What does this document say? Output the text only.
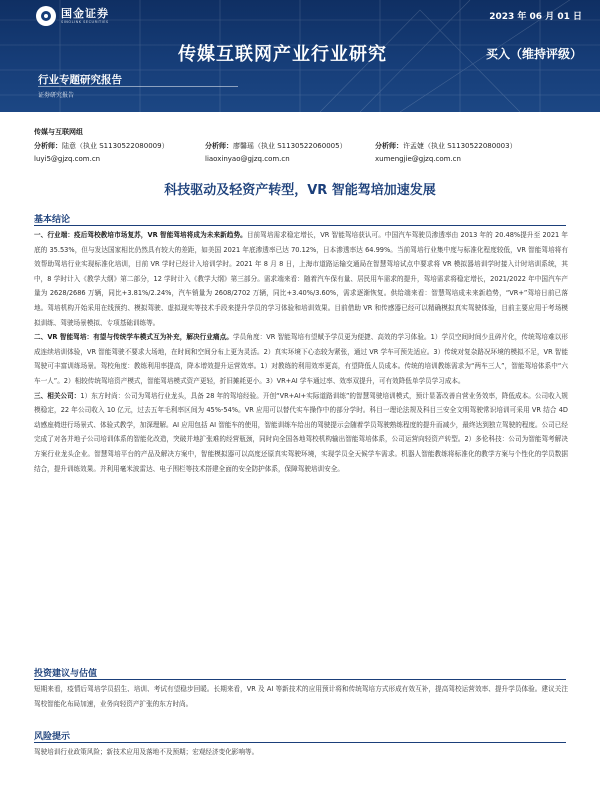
国金证券
SINOLINK SECURITIES	2023 年 06 月 01 日
传媒互联网产业行业研究	买入（维持评级）
行业专题研究报告
证券研究报告
传媒与互联网组
分析师：陆意（执业 S1130522080009）
luyi5@gjzq.com.cn
分析师：廖馨瑶（执业 S1130522060005）
liaoxinyao@gjzq.com.cn
分析师：许孟婕（执业 S1130522080003）
xumengjie@gjzq.com.cn
科技驱动及轻资产转型，VR 智能驾培加速发展
基本结论

一、行业端：疫后驾校教培市场复苏，VR 智能驾培将成为未来新趋势。目前驾培需求稳定增长，VR 智能驾培获认可。中国汽车驾驶员渗透率由 2013 年的 20.48%提升至 2021 年底的 35.53%，但与发达国家相比仍然具有较大的差距，如美国 2021 年底渗透率已达 70.12%，日本渗透率达 64.99%。当前驾培行业集中度与标准化程度较低，VR 智能驾培将有效帮助驾培行业实现标准化培训，目前 VR 学时已经计入培训学时。2021 年 8 月 8 日，上海市道路运输交通局在智慧驾培试点中要求将 VR 模拟器培训学时接入计时培训系统，其中，8 学时计入《教学大纲》第二部分，12 学时计入《教学大纲》第三部分。需求端来看：随着汽车保有量、居民用车需求的提升，驾培需求将稳定增长，2021/2022 年中国汽车产量为 2628/2686 万辆，同比+3.81%/2.24%，汽车销量为 2608/2702 万辆，同比+3.40%/3.60%，需求逐渐恢复。供给端来看：智慧驾培成未来新趋势，“VR+”驾培日前已落地。驾培机构开始采用在线预约、模拟驾驶、虚拟现实等技术手段来提升学员的学习体验和培训效果。目前借助 VR 和传感器已经可以精确模拟真实驾驶体验，目前主要应用于考场模拟训练、驾驶场景模拟、专项基础训练等。

二、VR 智能驾培：有望与传统学车模式互为补充，解决行业痛点。学员角度：VR 智能驾培有望赋予学员更为便捷、高效的学习体验。1）学员空间时间少且碎片化，传统驾培难以形成连续培训体验，VR 智能驾驶不要求大场地，在时间和空间分布上更为灵活。2）真实环境下心态较为紧张，通过 VR 学车可预先适应。3）传统对复杂路况环境的模拟不足，VR 智能驾驶可丰富训练场景。驾校角度：教练利用率提高，降本增效提升运营效率。1）对教练的利用效率更高，有望降低人员成本。传统的培训教练需求为“两车三人”，智能驾培体系中“六车一人”。2）相较传统驾培资产模式，智能驾培模式资产更轻，折旧摊耗更小。3）VR+AI 学车通过率、效率双提升，可有效降低单学员学习成本。

三、相关公司：1）东方时尚：公司为驾培行业龙头，具备 28 年的驾培经验。开创“VR+AI+实际道路训练”的智慧驾驶培训模式，预计显著改善自营业务效率，降低成本。公司收入规模稳定，22 年公司收入 10 亿元，过去五年毛利率区间为 45%-54%。VR 应用可以替代实车操作中的部分学时。科目一理论法规及科目三安全文明驾驶常识培训可采用 VR 结合 4D 动感座椅进行场景式、体验式教学，加深理解。AI 应用包括 AI 智能车的使用，智能训练车给出的驾驶提示会随着学员驾驶熟练程度的提升而减少，最终达到独立驾驶的程度。公司已经完成了对各并地子公司培训体系的智能化改造，突破并地扩张难的经营瓶颈，同时向全国各地驾校机构输出智能驾培体系，公司运营向轻资产转型。2）多伦科技：公司为智能驾考解决方案行业龙头企业。智慧驾培平台的产品及解决方案中，智能模拟器可以高度还原真实驾驶环境，实现学员全天候学车需求。机器人智能教练将标准化的教学方案与个性化的学员数据结合，提升训练效果。并利用毫米波雷达、电子围栏等技术搭建全面的安全防护体系，保障驾驶培训安全。

投资建议与估值
短期来看，疫情后驾培学员招生、培训、考试有望稳步回暖。长期来看，VR 及 AI 等新技术的应用预计将和传统驾培方式形成有效互补，提高驾校运营效率、提升学员体验。建议关注驾校智能化布局加速，业务向轻资产扩张的东方时尚。
风险提示
驾驶培训行业政策风险；新技术应用及落地不及预期；宏观经济变化影响等。
